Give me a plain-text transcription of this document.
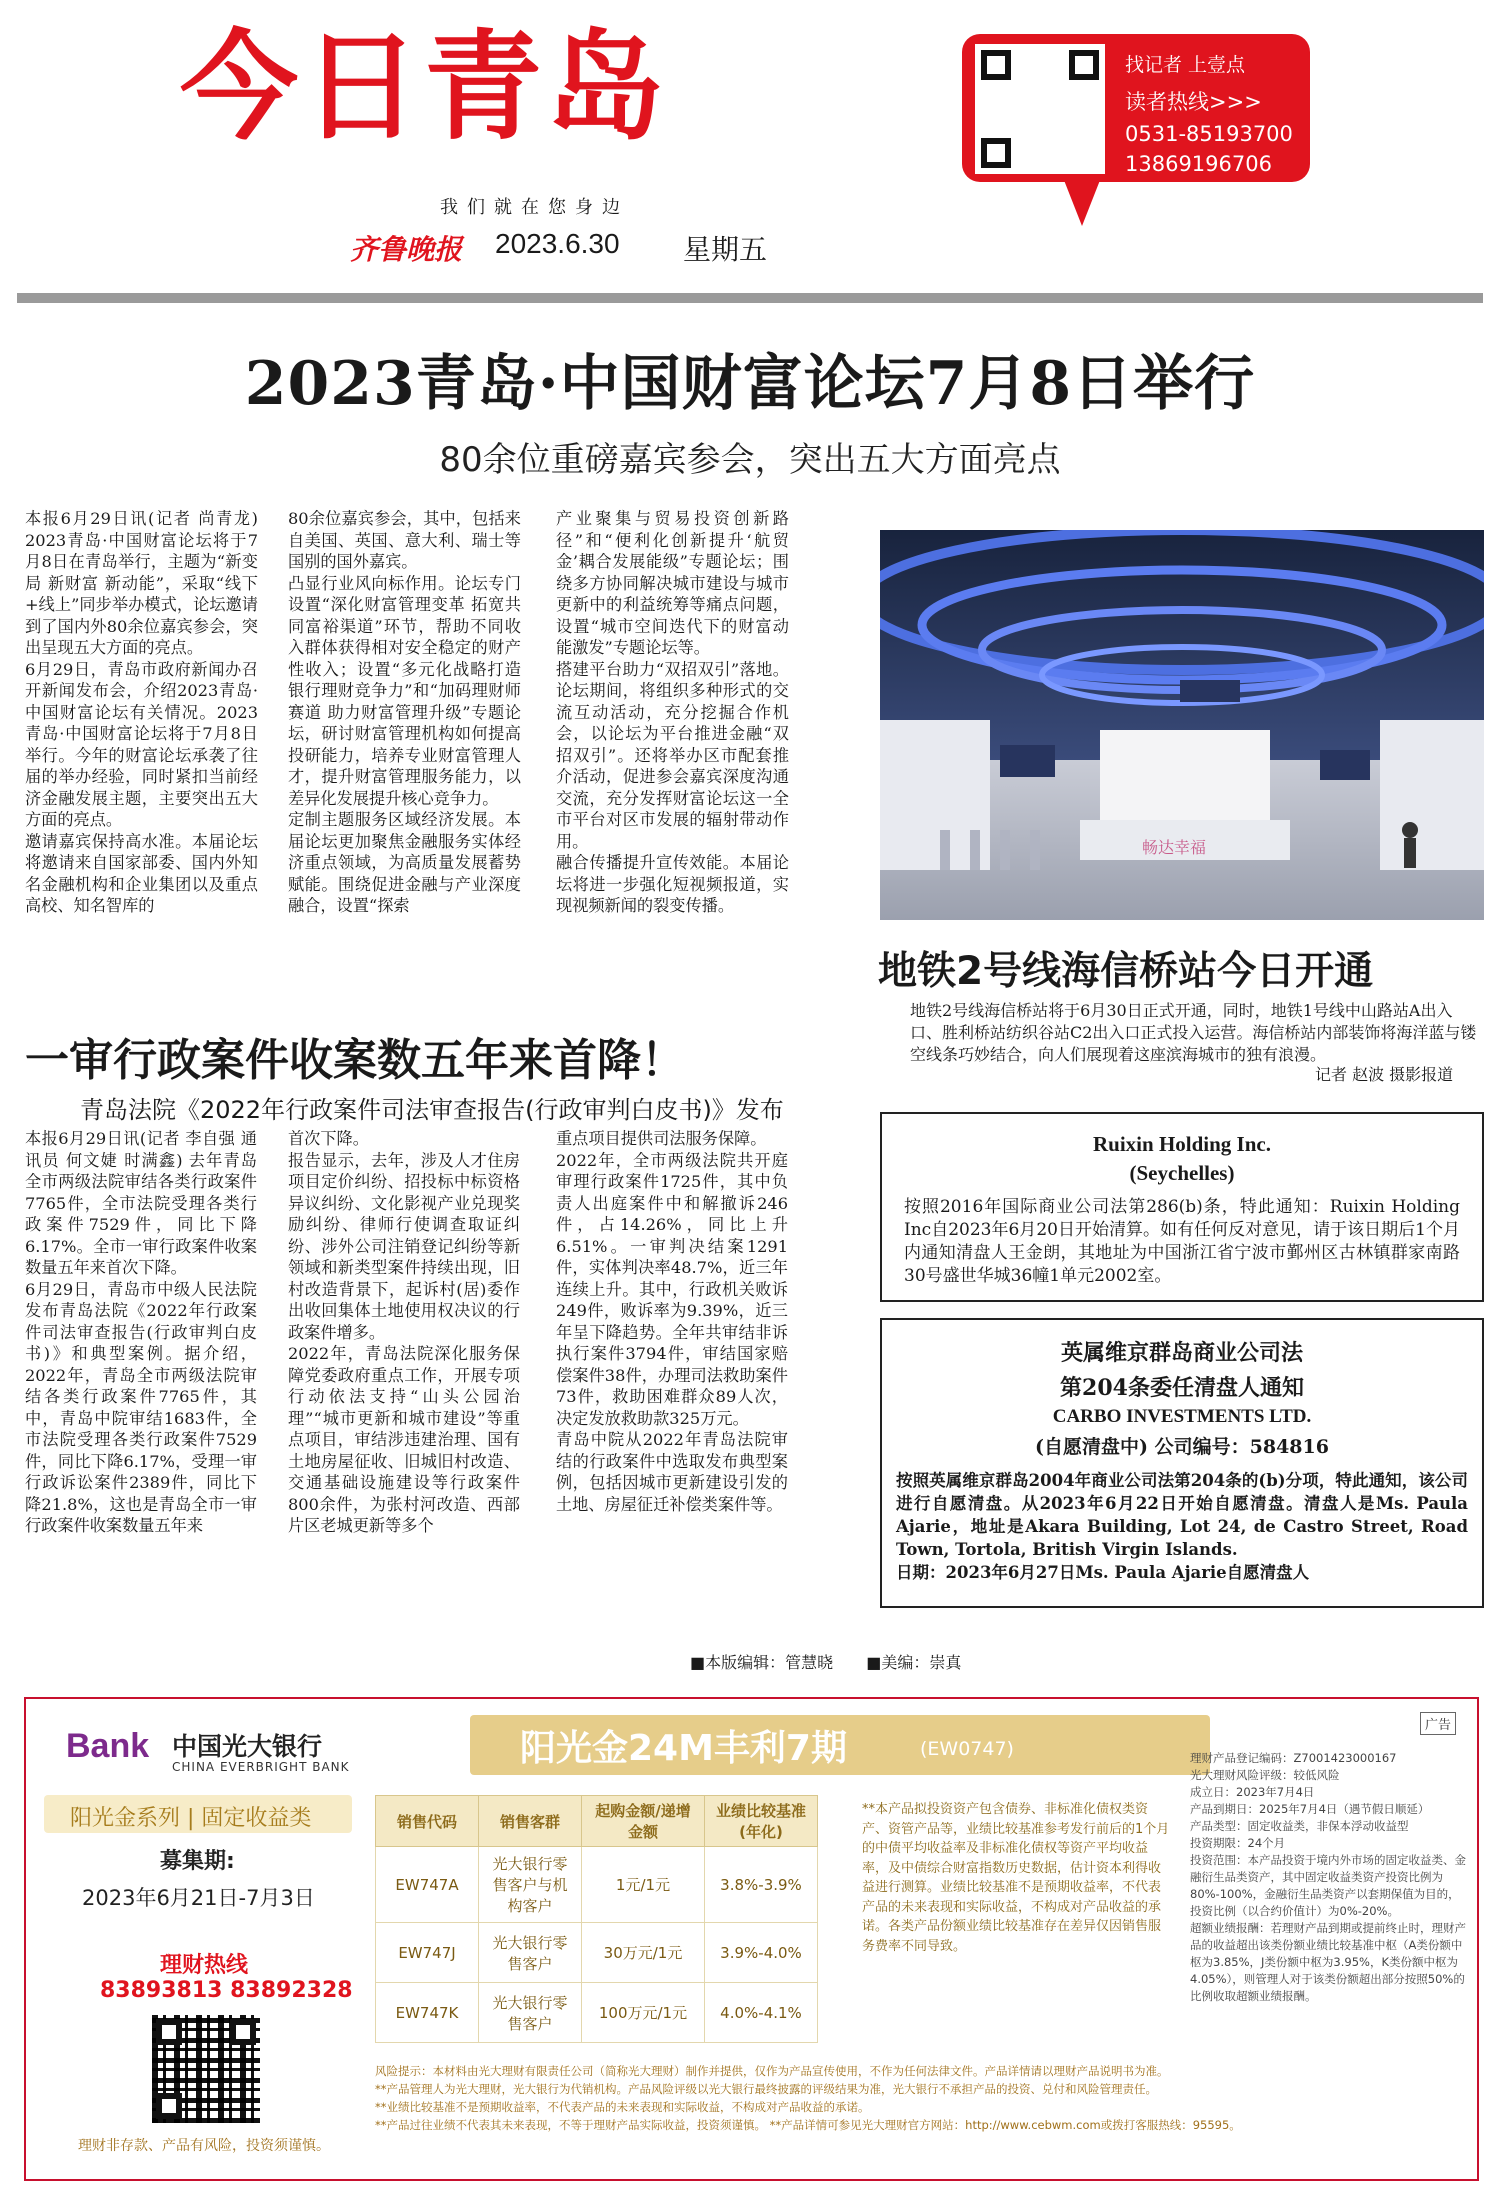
今日青岛
我们就在您身边
齐鲁晚报 2023.6.30 星期五
找记者 上壹点
读者热线>>>
0531-85193700
13869196706
2023青岛·中国财富论坛7月8日举行
80余位重磅嘉宾参会，突出五大方面亮点
本报6月29日讯(记者 尚青龙) 2023青岛·中国财富论坛将于7月8日在青岛举行，主题为“新变局 新财富 新动能”，采取“线下+线上”同步举办模式，论坛邀请到了国内外80余位嘉宾参会，突出呈现五大方面的亮点。
6月29日，青岛市政府新闻办召开新闻发布会，介绍2023青岛·中国财富论坛有关情况。2023青岛·中国财富论坛将于7月8日举行。今年的财富论坛承袭了往届的举办经验，同时紧扣当前经济金融发展主题，主要突出五大方面的亮点。
邀请嘉宾保持高水准。本届论坛将邀请来自国家部委、国内外知名金融机构和企业集团以及重点高校、知名智库的
80余位嘉宾参会，其中，包括来自美国、英国、意大利、瑞士等国别的国外嘉宾。
凸显行业风向标作用。论坛专门设置“深化财富管理变革 拓宽共同富裕渠道”环节，帮助不同收入群体获得相对安全稳定的财产性收入；设置“多元化战略打造银行理财竞争力”和“加码理财师赛道 助力财富管理升级”专题论坛，研讨财富管理机构如何提高投研能力，培养专业财富管理人才，提升财富管理服务能力，以差异化发展提升核心竞争力。
定制主题服务区域经济发展。本届论坛更加聚焦金融服务实体经济重点领域，为高质量发展蓄势赋能。围绕促进金融与产业深度融合，设置“探索
产业聚集与贸易投资创新路径”和“便利化创新提升‘航贸金’耦合发展能级”专题论坛；围绕多方协同解决城市建设与城市更新中的利益统筹等痛点问题，设置“城市空间迭代下的财富动能激发”专题论坛等。
搭建平台助力“双招双引”落地。论坛期间，将组织多种形式的交流互动活动，充分挖掘合作机会，以论坛为平台推进金融“双招双引”。还将举办区市配套推介活动，促进参会嘉宾深度沟通交流，充分发挥财富论坛这一全市平台对区市发展的辐射带动作用。
融合传播提升宣传效能。本届论坛将进一步强化短视频报道，实现视频新闻的裂变传播。
畅达幸福
地铁2号线海信桥站今日开通
地铁2号线海信桥站将于6月30日正式开通，同时，地铁1号线中山路站A出入口、胜利桥站纺织谷站C2出入口正式投入运营。海信桥站内部装饰将海洋蓝与镂空线条巧妙结合，向人们展现着这座滨海城市的独有浪漫。
记者 赵波 摄影报道
一审行政案件收案数五年来首降！
青岛法院《2022年行政案件司法审查报告(行政审判白皮书)》发布
本报6月29日讯(记者 李自强 通讯员 何文婕 时满鑫) 去年青岛全市两级法院审结各类行政案件7765件，全市法院受理各类行政案件7529件，同比下降6.17%。全市一审行政案件收案数量五年来首次下降。
6月29日，青岛市中级人民法院发布青岛法院《2022年行政案件司法审查报告(行政审判白皮书)》和典型案例。据介绍，2022年，青岛全市两级法院审结各类行政案件7765件，其中，青岛中院审结1683件，全市法院受理各类行政案件7529件，同比下降6.17%，受理一审行政诉讼案件2389件，同比下降21.8%，这也是青岛全市一审行政案件收案数量五年来
首次下降。
报告显示，去年，涉及人才住房项目定价纠纷、招投标中标资格异议纠纷、文化影视产业兑现奖励纠纷、律师行使调查取证纠纷、涉外公司注销登记纠纷等新领域和新类型案件持续出现，旧村改造背景下，起诉村(居)委作出收回集体土地使用权决议的行政案件增多。
2022年，青岛法院深化服务保障党委政府重点工作，开展专项行动依法支持“山头公园治理”“城市更新和城市建设”等重点项目，审结涉违建治理、国有土地房屋征收、旧城旧村改造、交通基础设施建设等行政案件800余件，为张村河改造、西部片区老城更新等多个
重点项目提供司法服务保障。
2022年，全市两级法院共开庭审理行政案件1725件，其中负责人出庭案件中和解撤诉246件，占14.26%，同比上升6.51%。一审判决结案1291件，实体判决率48.7%，近三年连续上升。其中，行政机关败诉249件，败诉率为9.39%，近三年呈下降趋势。全年共审结非诉执行案件3794件，审结国家赔偿案件38件，办理司法救助案件73件，救助困难群众89人次，决定发放救助款325万元。
青岛中院从2022年青岛法院审结的行政案件中选取发布典型案例，包括因城市更新建设引发的土地、房屋征迁补偿类案件等。
Ruixin Holding Inc.
(Seychelles)
按照2016年国际商业公司法第286(b)条，特此通知：Ruixin Holding Inc自2023年6月20日开始清算。如有任何反对意见，请于该日期后1个月内通知清盘人王金朗，其地址为中国浙江省宁波市鄞州区古林镇群家南路30号盛世华城36幢1单元2002室。
英属维京群岛商业公司法
第204条委任清盘人通知
CARBO INVESTMENTS LTD.
(自愿清盘中) 公司编号：584816
按照英属维京群岛2004年商业公司法第204条的(b)分项，特此通知，该公司进行自愿清盘。从2023年6月22日开始自愿清盘。清盘人是Ms. Paula Ajarie，地址是Akara Building, Lot 24, de Castro Street, Road Town, Tortola, British Virgin Islands.
日期：2023年6月27日Ms. Paula Ajarie自愿清盘人
■本版编辑：管慧晓 ■美编：崇真
Bank 中国光大银行
CHINA EVERBRIGHT BANK
阳光金系列 | 固定收益类
募集期:
2023年6月21日-7月3日
理财热线
83893813 83892328
理财非存款、产品有风险，投资须谨慎。
阳光金24M丰利7期	(EW0747)
广告
销售代码	销售客群	起购金额/递增金额	业绩比较基准(年化)
EW747A	光大银行零售客户与机构客户	1元/1元	3.8%-3.9%
EW747J	光大银行零售客户	30万元/1元	3.9%-4.0%
EW747K	光大银行零售客户	100万元/1元	4.0%-4.1%
**本产品拟投资资产包含债券、非标准化债权类资产、资管产品等，业绩比较基准参考发行前后的1个月的中债平均收益率及非标准化债权等资产平均收益率，及中债综合财富指数历史数据，估计资本利得收益进行测算。业绩比较基准不是预期收益率，不代表产品的未来表现和实际收益，不构成对产品收益的承诺。各类产品份额业绩比较基准存在差异仅因销售服务费率不同导致。
理财产品登记编码：Z7001423000167
光大理财风险评级：较低风险
成立日：2023年7月4日
产品到期日：2025年7月4日（遇节假日顺延）
产品类型：固定收益类，非保本浮动收益型
投资期限：24个月
投资范围：本产品投资于境内外市场的固定收益类、金融衍生品类资产，其中固定收益类资产投资比例为80%-100%，金融衍生品类资产以套期保值为目的，投资比例（以合约价值计）为0%-20%。
超额业绩报酬：若理财产品到期或提前终止时，理财产品的收益超出该类份额业绩比较基准中枢（A类份额中枢为3.85%，J类份额中枢为3.95%，K类份额中枢为4.05%），则管理人对于该类份额超出部分按照50%的比例收取超额业绩报酬。
风险提示：本材料由光大理财有限责任公司（简称光大理财）制作并提供，仅作为产品宣传使用，不作为任何法律文件。产品详情请以理财产品说明书为准。
**产品管理人为光大理财，光大银行为代销机构。产品风险评级以光大银行最终披露的评级结果为准，光大银行不承担产品的投资、兑付和风险管理责任。
**业绩比较基准不是预期收益率，不代表产品的未来表现和实际收益，不构成对产品收益的承诺。
**产品过往业绩不代表其未来表现，不等于理财产品实际收益，投资须谨慎。 **产品详情可参见光大理财官方网站：http://www.cebwm.com或拨打客服热线：95595。
